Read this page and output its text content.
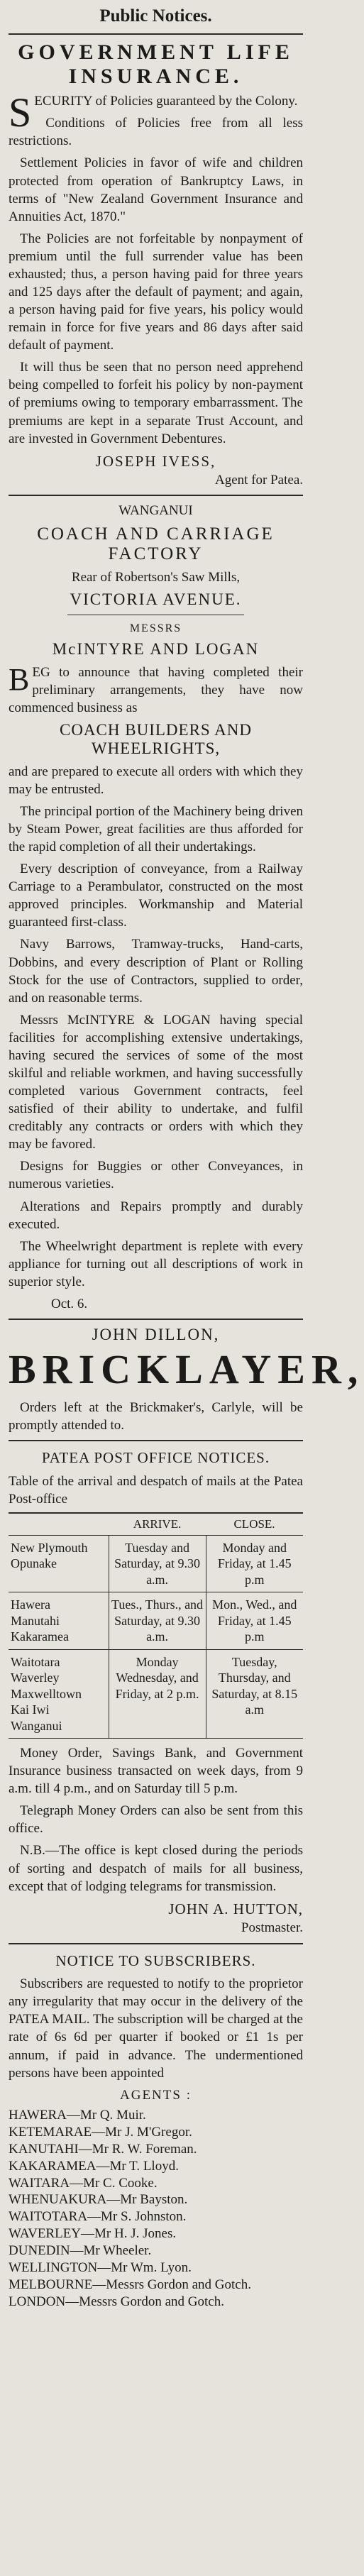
Public Notices.
GOVERNMENT LIFE INSURANCE.

SECURITY of Policies guaranteed by the Colony.

Conditions of Policies free from all less restrictions.

Settlement Policies in favor of wife and children protected from operation of Bankruptcy Laws, in terms of "New Zealand Government Insurance and Annuities Act, 1870."

The Policies are not forfeitable by nonpayment of premium until the full surrender value has been exhausted; thus, a person having paid for three years and 125 days after the default of payment; and again, a person having paid for five years, his policy would remain in force for five years and 86 days after said default of payment.

It will thus be seen that no person need apprehend being compelled to forfeit his policy by non-payment of premiums owing to temporary embarrassment. The premiums are kept in a separate Trust Account, and are invested in Government Debentures.

JOSEPH IVESS,
Agent for Patea.
WANGANUI
COACH AND CARRIAGE FACTORY
Rear of Robertson's Saw Mills,
VICTORIA AVENUE.
MESSRS
McINTYRE AND LOGAN

BEG to announce that having completed their preliminary arrangements, they have now commenced business as

COACH BUILDERS AND WHEELRIGHTS,

and are prepared to execute all orders with which they may be entrusted.

The principal portion of the Machinery being driven by Steam Power, great facilities are thus afforded for the rapid completion of all their undertakings.

Every description of conveyance, from a Railway Carriage to a Perambulator, constructed on the most approved principles. Workmanship and Material guaranteed first-class.

Navy Barrows, Tramway-trucks, Hand-carts, Dobbins, and every description of Plant or Rolling Stock for the use of Contractors, supplied to order, and on reasonable terms.

Messrs McINTYRE & LOGAN having special facilities for accomplishing extensive undertakings, having secured the services of some of the most skilful and reliable workmen, and having successfully completed various Government contracts, feel satisfied of their ability to undertake, and fulfil creditably any contracts or orders with which they may be favored.

Designs for Buggies or other Conveyances, in numerous varieties.

Alterations and Repairs promptly and durably executed.

The Wheelwright department is replete with every appliance for turning out all descriptions of work in superior style.

Oct. 6.
JOHN DILLON,
BRICKLAYER,

Orders left at the Brickmaker's, Carlyle, will be promptly attended to.

PATEA POST OFFICE NOTICES.

Table of the arrival and despatch of mails at the Patea Post-office

	ARRIVE.	CLOSE.
New Plymouth
Opunake	Tuesday and Saturday, at 9.30 a.m.	Monday and Friday, at 1.45 p.m
Hawera
Manutahi
Kakaramea	Tues., Thurs., and Saturday, at 9.30 a.m.	Mon., Wed., and Friday, at 1.45 p.m
Waitotara
Waverley
Maxwelltown
Kai Iwi
Wanganui	Monday Wednesday, and Friday, at 2 p.m.	Tuesday, Thursday, and Saturday, at 8.15 a.m

Money Order, Savings Bank, and Government Insurance business transacted on week days, from 9 a.m. till 4 p.m., and on Saturday till 5 p.m.

Telegraph Money Orders can also be sent from this office.

N.B.—The office is kept closed during the periods of sorting and despatch of mails for all business, except that of lodging telegrams for transmission.

JOHN A. HUTTON,
Postmaster.
NOTICE TO SUBSCRIBERS.

Subscribers are requested to notify to the proprietor any irregularity that may occur in the delivery of the PATEA MAIL. The subscription will be charged at the rate of 6s 6d per quarter if booked or £1 1s per annum, if paid in advance. The undermentioned persons have been appointed

AGENTS :
HAWERA—Mr Q. Muir.
KETEMARAE—Mr J. M'Gregor.
KANUTAHI—Mr R. W. Foreman.
KAKARAMEA—Mr T. Lloyd.
WAITARA—Mr C. Cooke.
WHENUAKURA—Mr Bayston.
WAITOTARA—Mr S. Johnston.
WAVERLEY—Mr H. J. Jones.
DUNEDIN—Mr Wheeler.
WELLINGTON—Mr Wm. Lyon.
MELBOURNE—Messrs Gordon and Gotch.
LONDON—Messrs Gordon and Gotch.
